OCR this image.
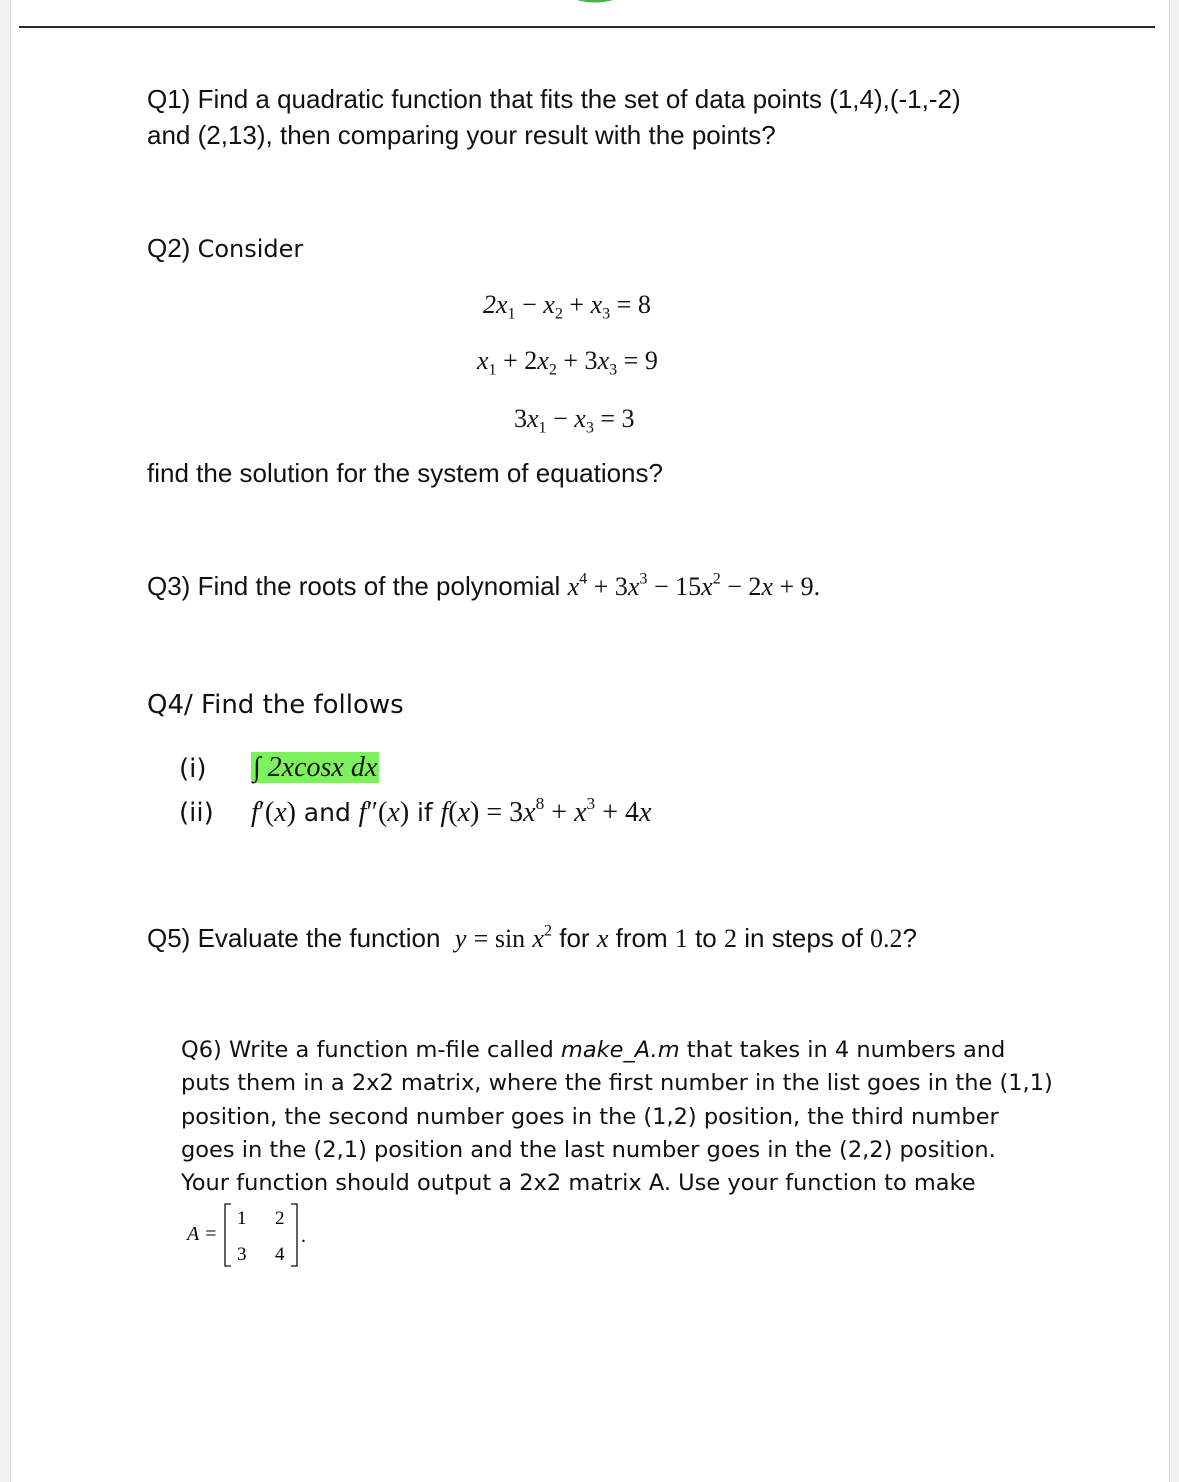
Q1) Find a quadratic function that fits the set of data points (1,4),(-1,-2)
and (2,13), then comparing your result with the points?
Q2) Consider
$2x_1 - x_2 + x_3 = 8$
$x_1 + 2x_2 + 3x_3 = 9$
$3x_1 - x_3 = 3$
find the solution for the system of equations?
Q3) Find the roots of the polynomial $x^4 + 3x^3 - 15x^2 - 2x + 9$.
Q4/ Find the follows
(i) ∫ 2xcosx dx
(ii) f′(x) and f″(x) if $f(x) = 3x^8 + x^3 + 4x$
Q5) Evaluate the function $y = \sin x^2$ for x from 1 to 2 in steps of 0.2?
Q6) Write a function m-file called make_A.m that takes in 4 numbers and
puts them in a 2x2 matrix, where the first number in the list goes in the (1,1)
position, the second number goes in the (1,2) position, the third number
goes in the (2,1) position and the last number goes in the (2,2) position.
Your function should output a 2x2 matrix A. Use your function to make
A =
1 2
3 4
.
